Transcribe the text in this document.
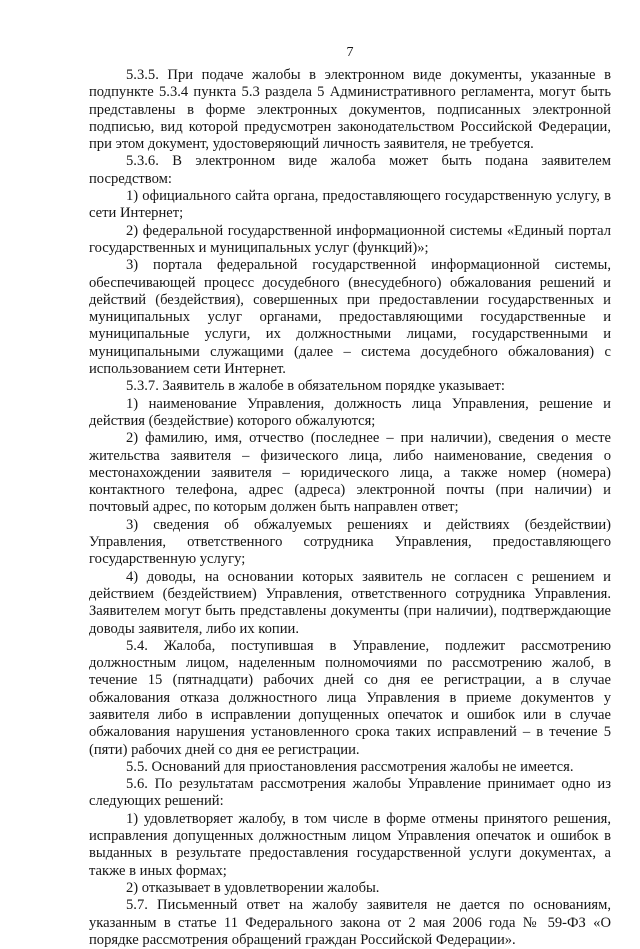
7

5.3.5. При подаче жалобы в электронном виде документы, указанные в подпункте 5.3.4 пункта 5.3 раздела 5 Административного регламента, могут быть представлены в форме электронных документов, подписанных электронной подписью, вид которой предусмотрен законодательством Российской Федерации, при этом документ, удостоверяющий личность заявителя, не требуется.

5.3.6. В электронном виде жалоба может быть подана заявителем посредством:

1) официального сайта органа, предоставляющего государственную услугу, в сети Интернет;

2) федеральной государственной информационной системы «Единый портал государственных и муниципальных услуг (функций)»;

3) портала федеральной государственной информационной системы, обеспечивающей процесс досудебного (внесудебного) обжалования решений и действий (бездействия), совершенных при предоставлении государственных и муниципальных услуг органами, предоставляющими государственные и муниципальные услуги, их должностными лицами, государственными и муниципальными служащими (далее – система досудебного обжалования) с использованием сети Интернет.

5.3.7. Заявитель в жалобе в обязательном порядке указывает:

1) наименование Управления, должность лица Управления, решение и действия (бездействие) которого обжалуются;

2) фамилию, имя, отчество (последнее – при наличии), сведения о месте жительства заявителя – физического лица, либо наименование, сведения о местонахождении заявителя – юридического лица, а также номер (номера) контактного телефона, адрес (адреса) электронной почты (при наличии) и почтовый адрес, по которым должен быть направлен ответ;

3) сведения об обжалуемых решениях и действиях (бездействии) Управления, ответственного сотрудника Управления, предоставляющего государственную услугу;

4) доводы, на основании которых заявитель не согласен с решением и действием (бездействием) Управления, ответственного сотрудника Управления. Заявителем могут быть представлены документы (при наличии), подтверждающие доводы заявителя, либо их копии.

5.4. Жалоба, поступившая в Управление, подлежит рассмотрению должностным лицом, наделенным полномочиями по рассмотрению жалоб, в течение 15 (пятнадцати) рабочих дней со дня ее регистрации, а в случае обжалования отказа должностного лица Управления в приеме документов у заявителя либо в исправлении допущенных опечаток и ошибок или в случае обжалования нарушения установленного срока таких исправлений – в течение 5 (пяти) рабочих дней со дня ее регистрации.

5.5. Оснований для приостановления рассмотрения жалобы не имеется.

5.6. По результатам рассмотрения жалобы Управление принимает одно из следующих решений:

1) удовлетворяет жалобу, в том числе в форме отмены принятого решения, исправления допущенных должностным лицом Управления опечаток и ошибок в выданных в результате предоставления государственной услуги документах, а также в иных формах;

2) отказывает в удовлетворении жалобы.

5.7. Письменный ответ на жалобу заявителя не дается по основаниям, указанным в статье 11 Федерального закона от 2 мая 2006 года № 59-ФЗ «О порядке рассмотрения обращений граждан Российской Федерации».
